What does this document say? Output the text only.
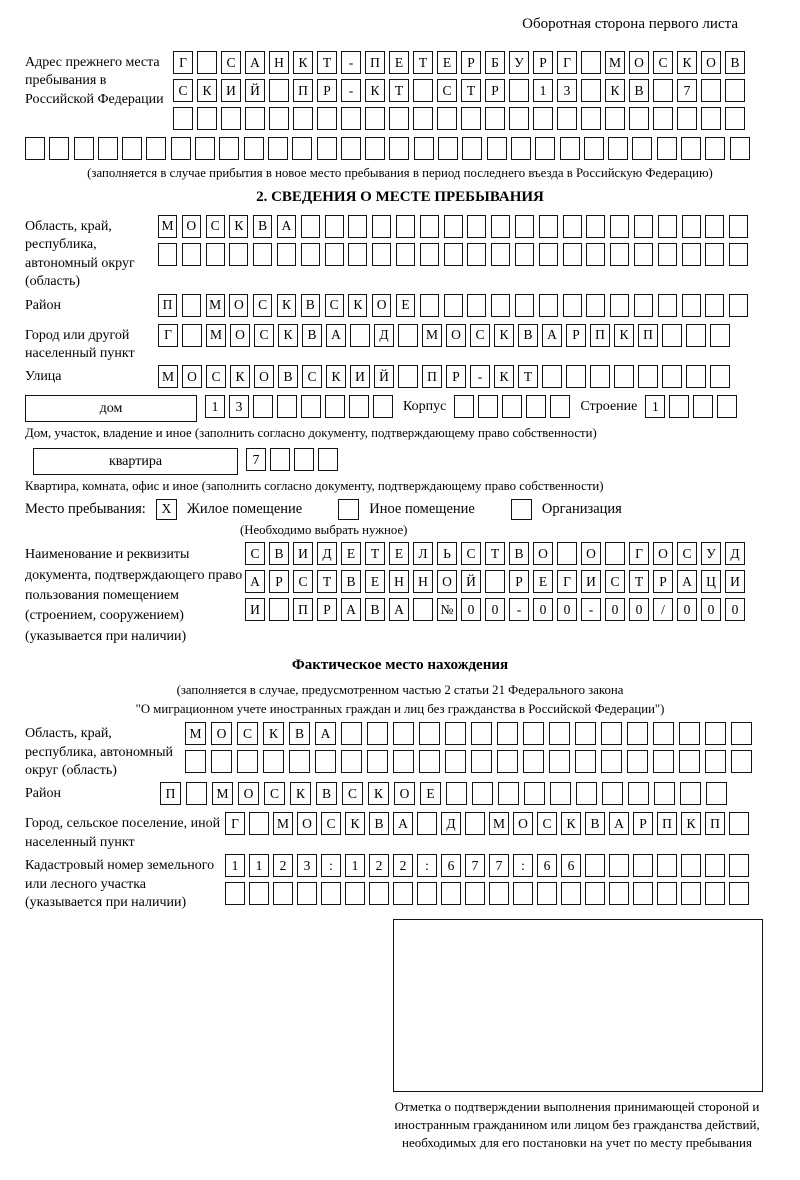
Оборотная сторона первого листа
Адрес прежнего места пребывания в Российской Федерации
Г	С	А	Н	К	Т	-	П	Е	Т	Е	Р	Б	У	Р	Г	М О	С	К	О	В
С	К	И	Й	П	Р	-	К	Т	С	Т	Р	1	3	К	В	7
(заполняется в случае прибытия в новое место пребывания в период последнего въезда в Российскую Федерацию)
2. СВЕДЕНИЯ О МЕСТЕ ПРЕБЫВАНИЯ
Область, край, республика, автономный округ (область)
М О	С	К	В	А
Район	П	М О	С	К	В	С	К	О	Е
Город или другой населенный пункт
Г	М О	С	К	В	А	Д	М О	С	К	В	А	Р	П	К	П
Улица	М О	С	К	О	В	С	К	И	Й	П	Р	-	К	Т
дом	1	3	Корпус	Строение	1
Дом, участок, владение и иное (заполнить согласно документу, подтверждающему право собственности)
квартира	7
Квартира, комната, офис и иное (заполнить согласно документу, подтверждающему право собственности)
Место пребывания:	X	Жилое помещение	Иное помещение	Организация
(Необходимо выбрать нужное)
Наименование и реквизиты документа, подтверждающего право пользования помещением (строением, сооружением) (указывается при наличии)
С	В	И	Д	Е	Т	Е	Л	Ь	С	Т	В	О	О	Г	О	С	У	Д
А	Р	С	Т	В	Е	Н	Н	О	Й	Р	Е	Г	И	С	Т	Р	А	Ц	И
И	П	Р	А	В	А	№	0	0	-	0	0	-	0	0	/	0	0	0
Фактическое место нахождения
(заполняется в случае, предусмотренном частью 2 статьи 21 Федерального закона
"О миграционном учете иностранных граждан и лиц без гражданства в Российской Федерации")
Область, край, республика, автономный округ (область)
М	О	С	К	В	А
Район	П	М	О	С	К	В	С	К	О	Е
Город, сельское поселение, иной населенный пункт
Г	М О	С	К	В	А	Д	М О	С	К	В	А	Р	П	К	П
Кадастровый номер земельного или лесного участка (указывается при наличии)
1	1	2	3	:	1	2	2	:	6	7	7	:	6	6
Отметка о подтверждении выполнения принимающей стороной и иностранным гражданином или лицом без гражданства действий, необходимых для его постановки на учет по месту пребывания
